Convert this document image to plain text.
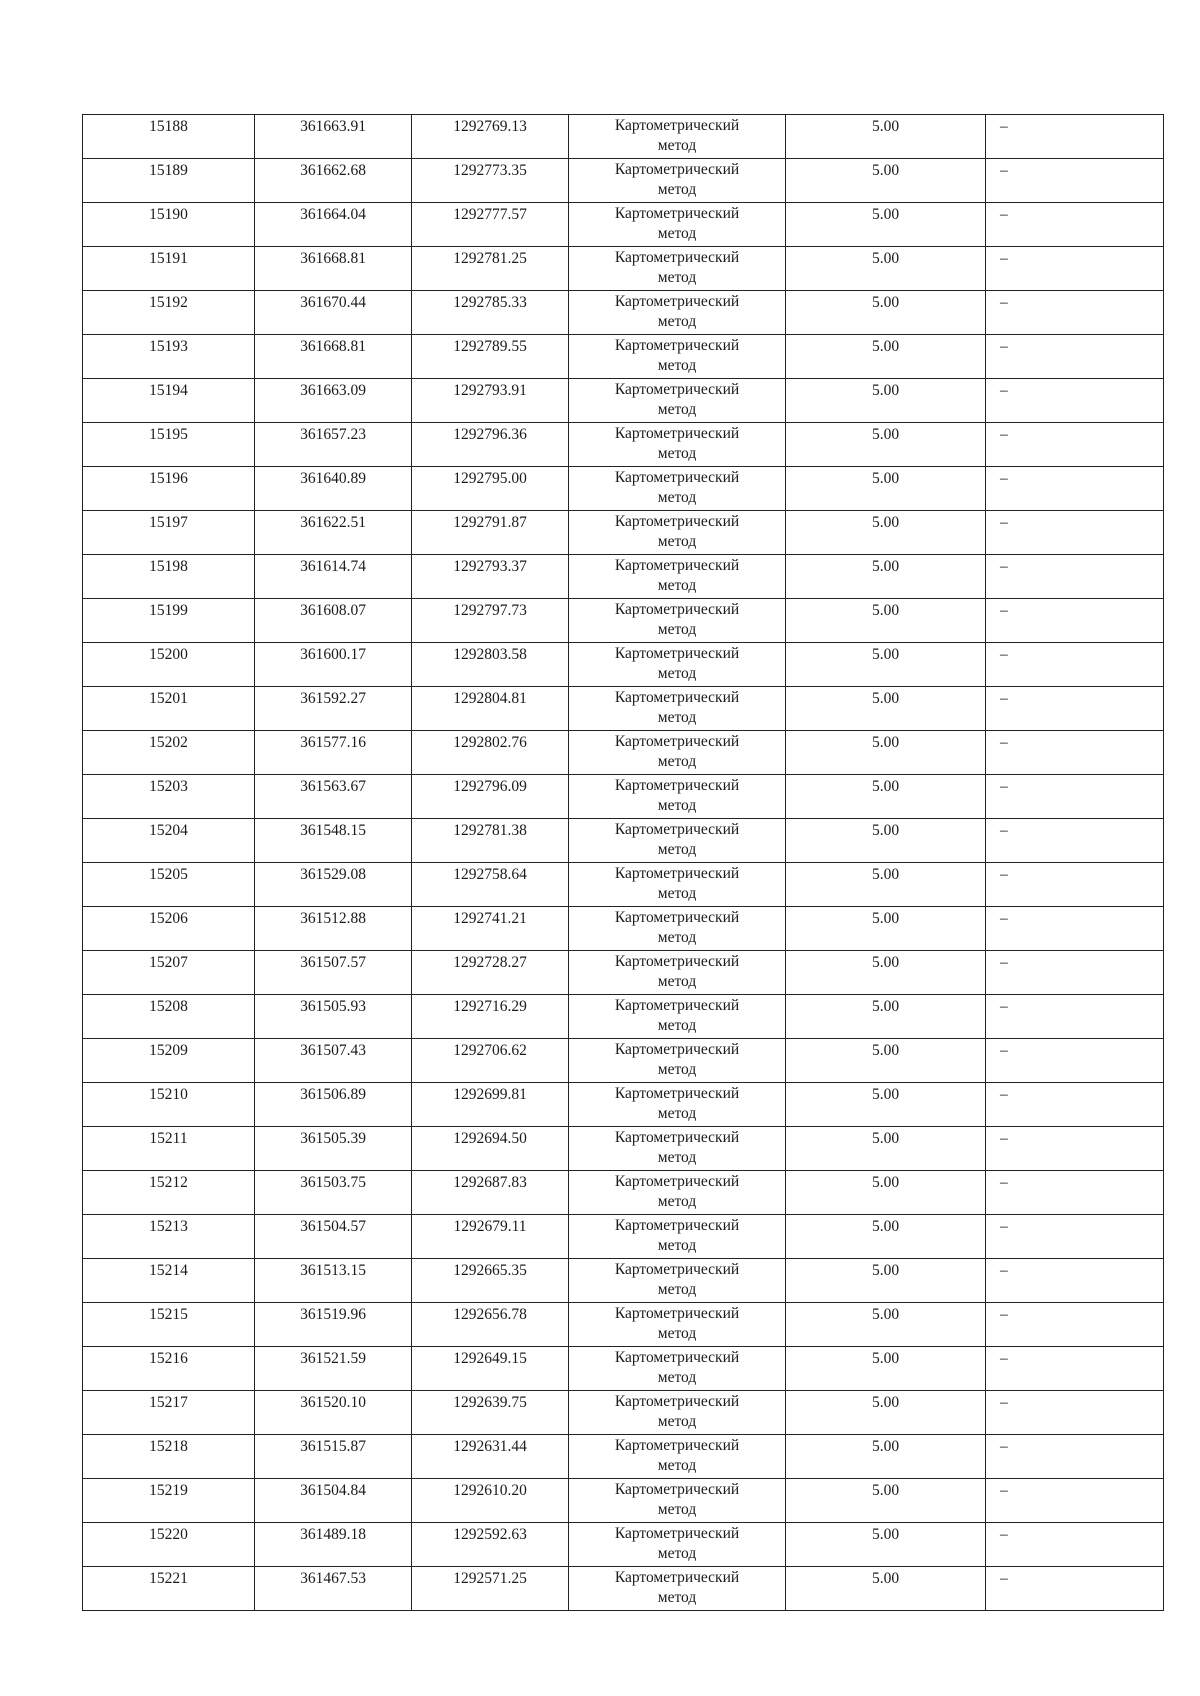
15188	361663.91	1292769.13	Картометрический
метод	5.00	–
15189	361662.68	1292773.35	Картометрический
метод	5.00	–
15190	361664.04	1292777.57	Картометрический
метод	5.00	–
15191	361668.81	1292781.25	Картометрический
метод	5.00	–
15192	361670.44	1292785.33	Картометрический
метод	5.00	–
15193	361668.81	1292789.55	Картометрический
метод	5.00	–
15194	361663.09	1292793.91	Картометрический
метод	5.00	–
15195	361657.23	1292796.36	Картометрический
метод	5.00	–
15196	361640.89	1292795.00	Картометрический
метод	5.00	–
15197	361622.51	1292791.87	Картометрический
метод	5.00	–
15198	361614.74	1292793.37	Картометрический
метод	5.00	–
15199	361608.07	1292797.73	Картометрический
метод	5.00	–
15200	361600.17	1292803.58	Картометрический
метод	5.00	–
15201	361592.27	1292804.81	Картометрический
метод	5.00	–
15202	361577.16	1292802.76	Картометрический
метод	5.00	–
15203	361563.67	1292796.09	Картометрический
метод	5.00	–
15204	361548.15	1292781.38	Картометрический
метод	5.00	–
15205	361529.08	1292758.64	Картометрический
метод	5.00	–
15206	361512.88	1292741.21	Картометрический
метод	5.00	–
15207	361507.57	1292728.27	Картометрический
метод	5.00	–
15208	361505.93	1292716.29	Картометрический
метод	5.00	–
15209	361507.43	1292706.62	Картометрический
метод	5.00	–
15210	361506.89	1292699.81	Картометрический
метод	5.00	–
15211	361505.39	1292694.50	Картометрический
метод	5.00	–
15212	361503.75	1292687.83	Картометрический
метод	5.00	–
15213	361504.57	1292679.11	Картометрический
метод	5.00	–
15214	361513.15	1292665.35	Картометрический
метод	5.00	–
15215	361519.96	1292656.78	Картометрический
метод	5.00	–
15216	361521.59	1292649.15	Картометрический
метод	5.00	–
15217	361520.10	1292639.75	Картометрический
метод	5.00	–
15218	361515.87	1292631.44	Картометрический
метод	5.00	–
15219	361504.84	1292610.20	Картометрический
метод	5.00	–
15220	361489.18	1292592.63	Картометрический
метод	5.00	–
15221	361467.53	1292571.25	Картометрический
метод	5.00	–
